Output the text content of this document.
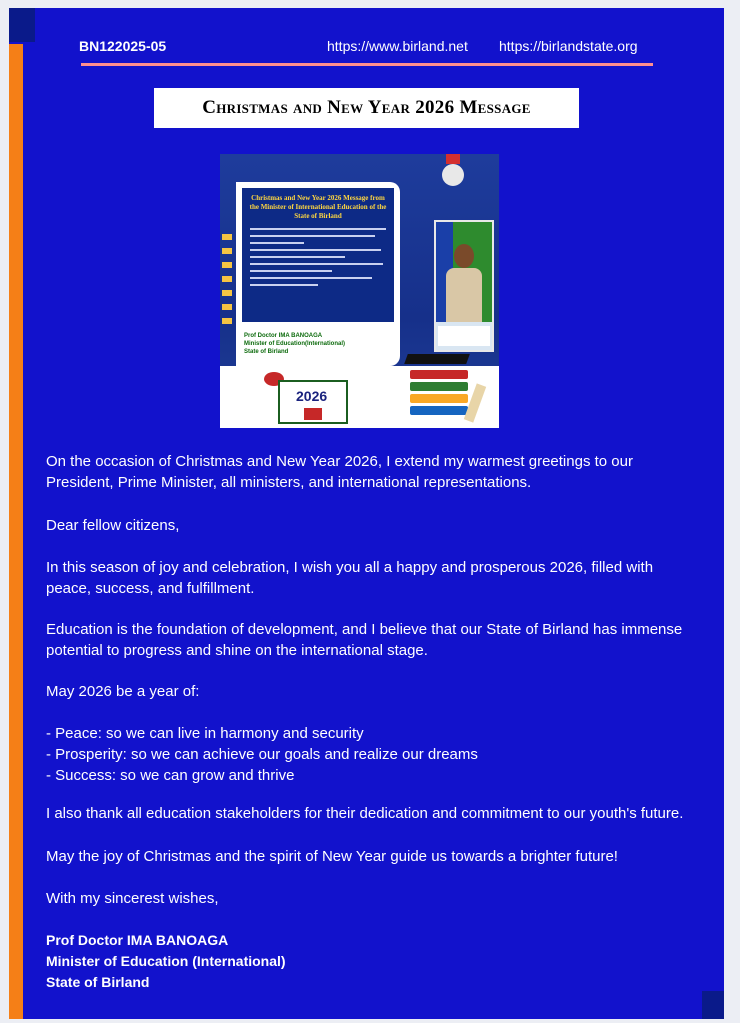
BN122025-05	https://www.birland.net https://birlandstate.org
Christmas and New Year 2026 Message
Christmas and New Year 2026 Message from the Minister of International Education of the State of Birland
Prof Doctor IMA BANOAGA
Minister of Education(International)
State of Birland
2026

On the occasion of Christmas and New Year 2026, I extend my warmest greetings to our President, Prime Minister, all ministers, and international representations.

Dear fellow citizens,

In this season of joy and celebration, I wish you all a happy and prosperous 2026, filled with peace, success, and fulfillment.

Education is the foundation of development, and I believe that our State of Birland has immense potential to progress and shine on the international stage.

May 2026 be a year of:

- Peace: so we can live in harmony and security

- Prosperity: so we can achieve our goals and realize our dreams

- Success: so we can grow and thrive

I also thank all education stakeholders for their dedication and commitment to our youth's future.

May the joy of Christmas and the spirit of New Year guide us towards a brighter future!

With my sincerest wishes,

Prof Doctor IMA BANOAGA
Minister of Education (International)
State of Birland
